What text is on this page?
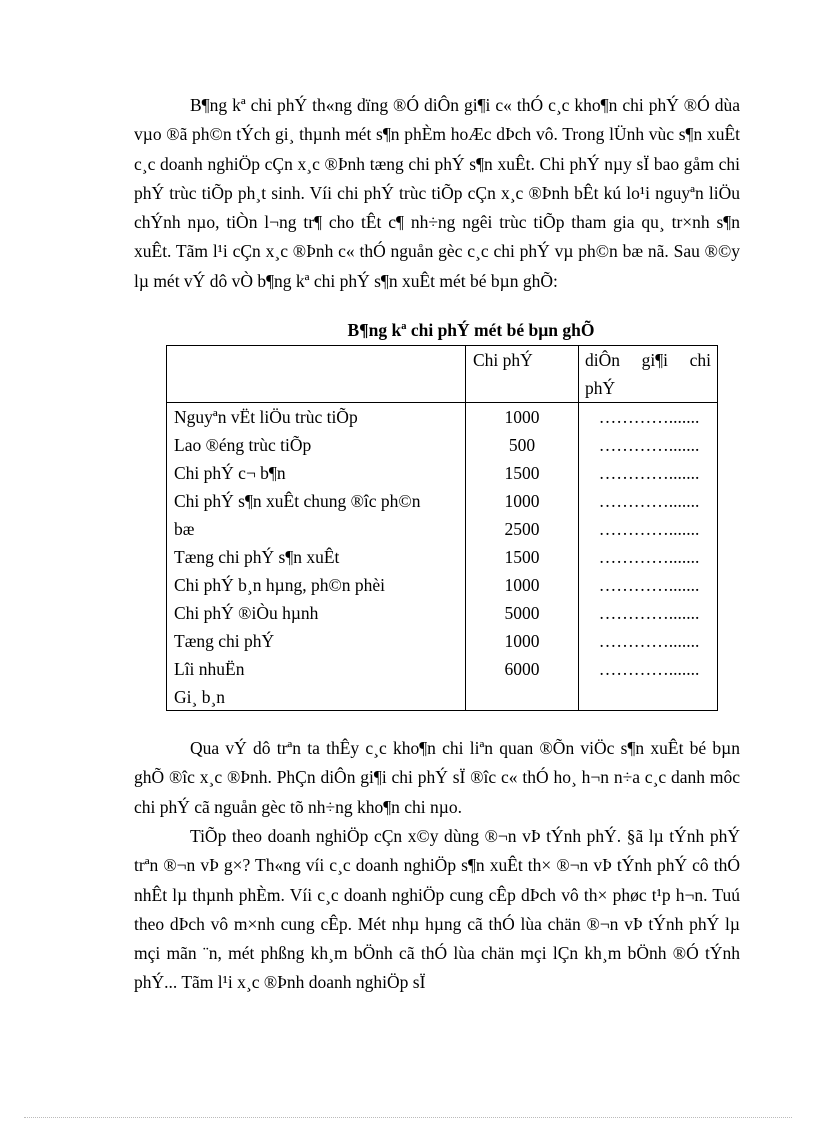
B¶ng kª chi phÝ th«ng dïng ®Ó diÔn gi¶i c« thÓ c¸c kho¶n chi phÝ ®Ó dùa vµo ®ã ph©n tÝch gi¸ thµnh mét s¶n phÈm hoÆc dÞch vô. Trong lÜnh vùc s¶n xuÊt c¸c doanh nghiÖp cÇn x¸c ®Þnh tæng chi phÝ s¶n xuÊt. Chi phÝ nµy sÏ bao gåm chi phÝ trùc tiÕp ph¸t sinh. Víi chi phÝ trùc tiÕp cÇn x¸c ®Þnh bÊt kú lo¹i nguyªn liÖu chÝnh nµo, tiÒn l¬ng tr¶ cho tÊt c¶ nh÷ng ngêi trùc tiÕp tham gia qu¸ tr×nh s¶n xuÊt. Tãm l¹i cÇn x¸c ®Þnh c« thÓ nguån gèc c¸c chi phÝ vµ ph©n bæ nã. Sau ®©y lµ mét vÝ dô vÒ b¶ng kª chi phÝ s¶n xuÊt mét bé bµn ghÕ:

B¶ng kª chi phÝ mét bé bµn ghÕ

Chi phÝ	diÔn gi¶i chi
phÝ
Nguyªn vËt liÖu trùc tiÕp
Lao ®éng trùc tiÕp
Chi phÝ c¬ b¶n
Chi phÝ s¶n xuÊt chung ®îc ph©n
bæ
Tæng chi phÝ s¶n xuÊt
Chi phÝ b¸n hµng, ph©n phèi
Chi phÝ ®iÒu hµnh
Tæng chi phÝ
Lîi nhuËn
Gi¸ b¸n
1000
500
1500
1000
2500
1500
1000
5000
1000
6000
………….......
………….......
………….......
………….......
………….......
………….......
………….......
………….......
………….......
………….......

Qua vÝ dô trªn ta thÊy c¸c kho¶n chi liªn quan ®Õn viÖc s¶n xuÊt bé bµn ghÕ ®îc x¸c ®Þnh. PhÇn diÔn gi¶i chi phÝ sÏ ®îc c« thÓ ho¸ h¬n n÷a c¸c danh môc chi phÝ cã nguån gèc tõ nh÷ng kho¶n chi nµo.

TiÕp theo doanh nghiÖp cÇn x©y dùng ®¬n vÞ tÝnh phÝ. §ã lµ tÝnh phÝ trªn ®¬n vÞ g×? Th«ng víi c¸c doanh nghiÖp s¶n xuÊt th× ®¬n vÞ tÝnh phÝ cô thÓ nhÊt lµ thµnh phÈm. Víi c¸c doanh nghiÖp cung cÊp dÞch vô th× phøc t¹p h¬n. Tuú theo dÞch vô m×nh cung cÊp. Mét nhµ hµng cã thÓ lùa chän ®¬n vÞ tÝnh phÝ lµ mçi mãn ¨n, mét phßng kh¸m bÖnh cã thÓ lùa chän mçi lÇn kh¸m bÖnh ®Ó tÝnh phÝ... Tãm l¹i x¸c ®Þnh doanh nghiÖp sÏ
